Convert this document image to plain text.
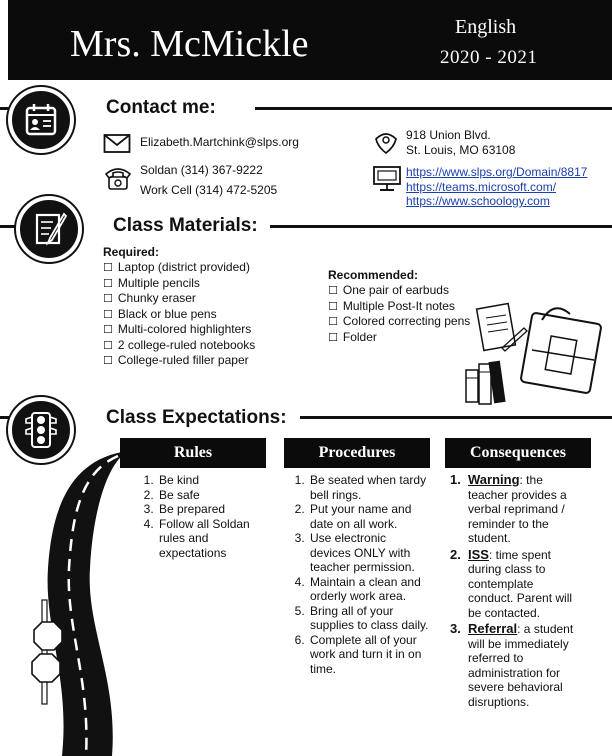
Mrs. McMickle	English
2020 - 2021
Contact me:
Elizabeth.Martchink@slps.org
Soldan (314) 367-9222
Work Cell (314) 472-5205
918 Union Blvd.
St. Louis, MO 63108
https://www.slps.org/Domain/8817
https://teams.microsoft.com/
https://www.schoology.com
Class Materials:
Required:
☐ Laptop (district provided)
☐ Multiple pencils
☐ Chunky eraser
☐ Black or blue pens
☐ Multi-colored highlighters
☐ 2 college-ruled notebooks
☐ College-ruled filler paper
Recommended:
☐ One pair of earbuds
☐ Multiple Post-It notes
☐ Colored correcting pens
☐ Folder
Class Expectations:
Rules
1. Be kind
2. Be safe
3. Be prepared
4. Follow all Soldan rules and expectations
Procedures
1. Be seated when tardy bell rings.
2. Put your name and date on all work.
3. Use electronic devices ONLY with teacher permission.
4. Maintain a clean and orderly work area.
5. Bring all of your supplies to class daily.
6. Complete all of your work and turn it in on time.
Consequences
1. Warning: the teacher provides a verbal reprimand / reminder to the student.
2. ISS: time spent during class to contemplate conduct. Parent will be contacted.
3. Referral: a student will be immediately referred to administration for severe behavioral disruptions.
